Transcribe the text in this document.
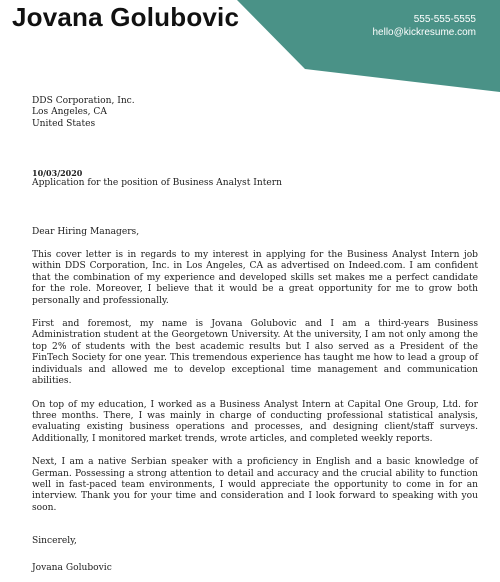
Jovana Golubovic	555-555-5555
hello@kickresume.com
DDS Corporation, Inc.
Los Angeles, CA
United States
10/03/2020
Application for the position of Business Analyst Intern
Dear Hiring Managers,
This cover letter is in regards to my interest in applying for the Business Analyst Intern job within DDS Corporation, Inc. in Los Angeles, CA as advertised on Indeed.com. I am confident that the combination of my experience and developed skills set makes me a perfect candidate for the role. Moreover, I believe that it would be a great opportunity for me to grow both personally and professionally.
First and foremost, my name is Jovana Golubovic and I am a third-years Business Administration student at the Georgetown University. At the university, I am not only among the top 2% of students with the best academic results but I also served as a President of the FinTech Society for one year. This tremendous experience has taught me how to lead a group of individuals and allowed me to develop exceptional time management and communication abilities.
On top of my education, I worked as a Business Analyst Intern at Capital One Group, Ltd. for three months. There, I was mainly in charge of conducting professional statistical analysis, evaluating existing business operations and processes, and designing client/staff surveys. Additionally, I monitored market trends, wrote articles, and completed weekly reports.
Next, I am a native Serbian speaker with a proficiency in English and a basic knowledge of German. Possessing a strong attention to detail and accuracy and the crucial ability to function well in fast-paced team environments, I would appreciate the opportunity to come in for an interview. Thank you for your time and consideration and I look forward to speaking with you soon.
Sincerely,
Jovana Golubovic
